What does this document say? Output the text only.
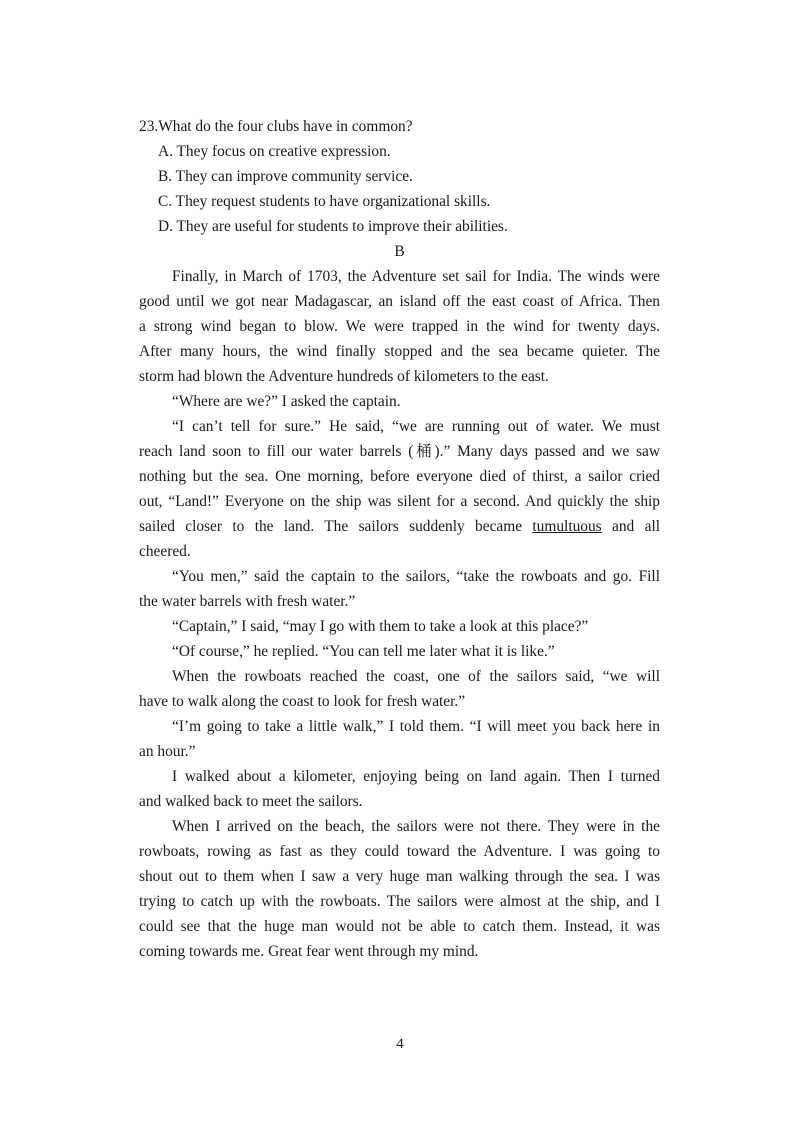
23.What do the four clubs have in common?
A. They focus on creative expression.
B. They can improve community service.
C. They request students to have organizational skills.
D. They are useful for students to improve their abilities.
B
Finally, in March of 1703, the Adventure set sail for India. The winds were
good until we got near Madagascar, an island off the east coast of Africa. Then
a strong wind began to blow. We were trapped in the wind for twenty days.
After many hours, the wind finally stopped and the sea became quieter. The
storm had blown the Adventure hundreds of kilometers to the east.
“Where are we?” I asked the captain.
“I can’t tell for sure.” He said, “we are running out of water. We must
reach land soon to fill our water barrels (桶).” Many days passed and we saw
nothing but the sea. One morning, before everyone died of thirst, a sailor cried
out, “Land!” Everyone on the ship was silent for a second. And quickly the ship
sailed closer to the land. The sailors suddenly became tumultuous and all
cheered.
“You men,” said the captain to the sailors, “take the rowboats and go. Fill
the water barrels with fresh water.”
“Captain,” I said, “may I go with them to take a look at this place?”
“Of course,” he replied. “You can tell me later what it is like.”
When the rowboats reached the coast, one of the sailors said, “we will
have to walk along the coast to look for fresh water.”
“I’m going to take a little walk,” I told them. “I will meet you back here in
an hour.”
I walked about a kilometer, enjoying being on land again. Then I turned
and walked back to meet the sailors.
When I arrived on the beach, the sailors were not there. They were in the
rowboats, rowing as fast as they could toward the Adventure. I was going to
shout out to them when I saw a very huge man walking through the sea. I was
trying to catch up with the rowboats. The sailors were almost at the ship, and I
could see that the huge man would not be able to catch them. Instead, it was
coming towards me. Great fear went through my mind.
4
